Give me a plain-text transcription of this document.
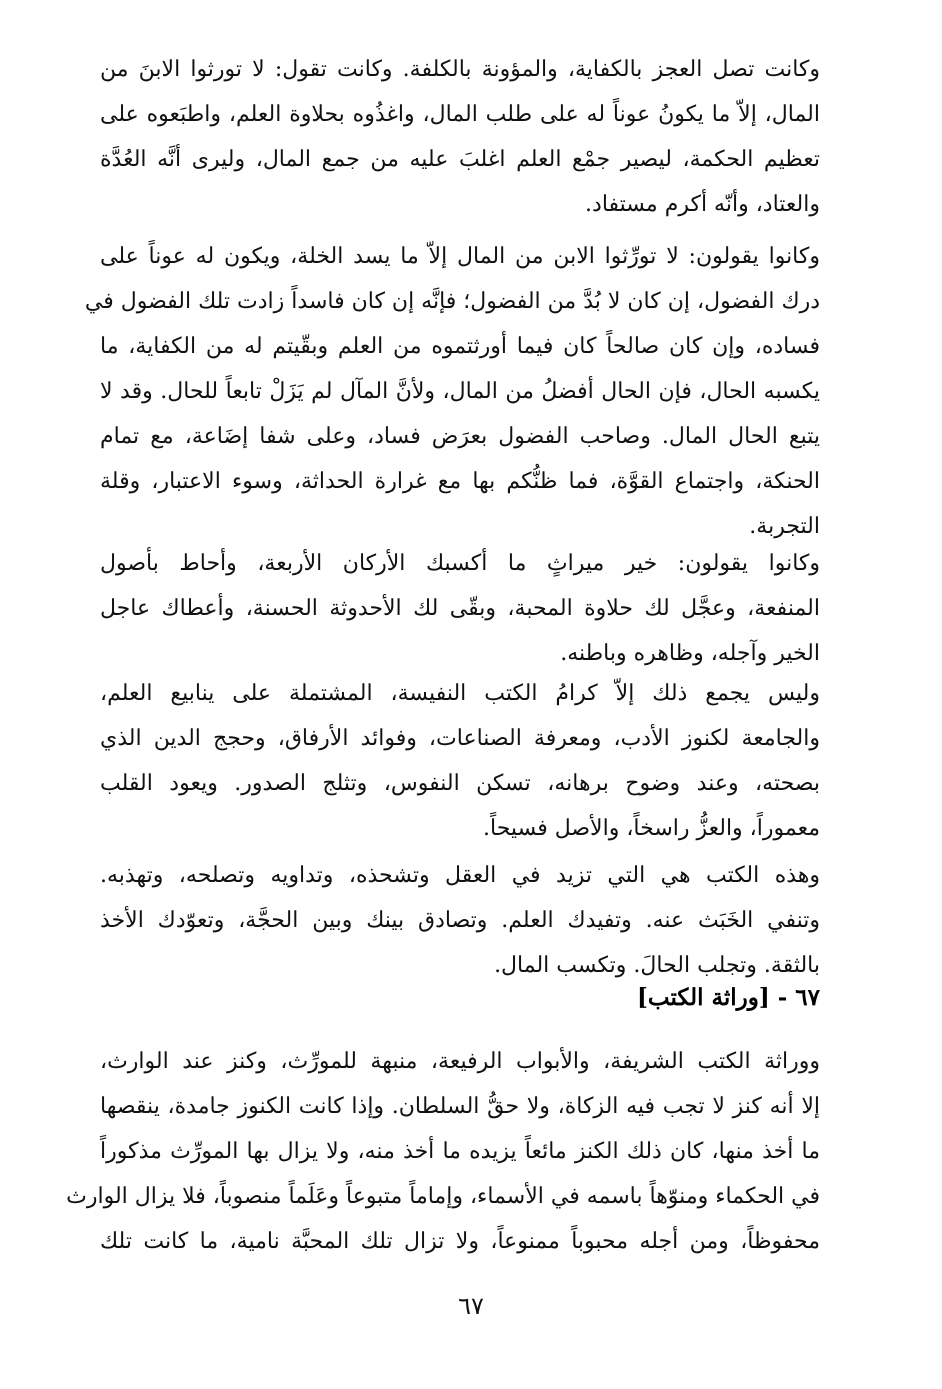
وكانت تصل العجز بالكفاية، والمؤونة بالكلفة. وكانت تقول: لا تورثوا الابنَ من
المال، إلاّ ما يكونُ عوناً له على طلب المال، واغذُوه بحلاوة العلم، واطبَعوه على
تعظيم الحكمة، ليصير جمْع العلم اغلبَ عليه من جمع المال، وليرى أنَّه العُدَّة
والعتاد، وأنّه أكرم مستفاد.
وكانوا يقولون: لا تورِّثوا الابن من المال إلاّ ما يسد الخلة، ويكون له عوناً على
درك الفضول، إن كان لا بُدَّ من الفضول؛ فإنَّه إن كان فاسداً زادت تلك الفضول في
فساده، وإن كان صالحاً كان فيما أورثتموه من العلم وبقّيتم له من الكفاية، ما
يكسبه الحال، فإن الحال أفضلُ من المال، ولأنَّ المآل لم يَزَلْ تابعاً للحال. وقد لا
يتبع الحال المال. وصاحب الفضول بعرَض فساد، وعلى شفا إضَاعة، مع تمام
الحنكة، واجتماع القوَّة، فما ظنُّكم بها مع غرارة الحداثة، وسوء الاعتبار، وقلة
التجربة.
وكانوا يقولون: خير ميراثٍ ما أكسبك الأركان الأربعة، وأحاط بأصول
المنفعة، وعجَّل لك حلاوة المحبة، وبقّى لك الأحدوثة الحسنة، وأعطاك عاجل
الخير وآجله، وظاهره وباطنه.
وليس يجمع ذلك إلاّ كرامُ الكتب النفيسة، المشتملة على ينابيع العلم،
والجامعة لكنوز الأدب، ومعرفة الصناعات، وفوائد الأرفاق، وحجج الدين الذي
بصحته، وعند وضوح برهانه، تسكن النفوس، وتثلج الصدور. ويعود القلب
معموراً، والعزُّ راسخاً، والأصل فسيحاً.
وهذه الكتب هي التي تزيد في العقل وتشحذه، وتداويه وتصلحه، وتهذبه.
وتنفي الخَبَث عنه. وتفيدك العلم. وتصادق بينك وبين الحجَّة، وتعوّدك الأخذ
بالثقة. وتجلب الحالَ. وتكسب المال.
٦٧ - [وراثة الكتب]
ووراثة الكتب الشريفة، والأبواب الرفيعة، منبهة للمورِّث، وكنز عند الوارث،
إلا أنه كنز لا تجب فيه الزكاة، ولا حقُّ السلطان. وإذا كانت الكنوز جامدة، ينقصها
ما أخذ منها، كان ذلك الكنز مائعاً يزيده ما أخذ منه، ولا يزال بها المورِّث مذكوراً
في الحكماء ومنوّهاً باسمه في الأسماء، وإماماً متبوعاً وعَلَماً منصوباً، فلا يزال الوارث
محفوظاً، ومن أجله محبوباً ممنوعاً، ولا تزال تلك المحبَّة نامية، ما كانت تلك
٦٧
